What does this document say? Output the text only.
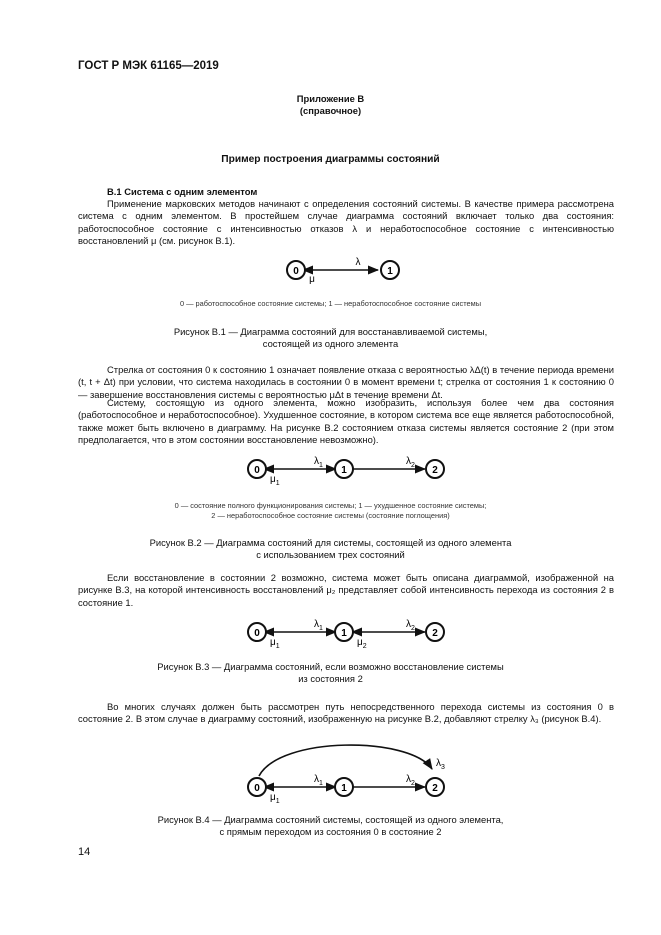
ГОСТ Р МЭК 61165—2019
Приложение В
(справочное)
Пример построения диаграммы состояний
В.1 Система с одним элементом

Применение марковских методов начинают с определения состояний системы. В качестве примера рассмотрена система с одним элементом. В простейшем случае диаграмма состояний включает только два состояния: работоспособное состояние с интенсивностью отказов λ и неработоспособное состояние с интенсивностью восстановлений μ (см. рисунок В.1).

0	1
λ
μ
0 — работоспособное состояние системы; 1 — неработоспособное состояние системы
Рисунок В.1 — Диаграмма состояний для восстанавливаемой системы,
состоящей из одного элемента

Стрелка от состояния 0 к состоянию 1 означает появление отказа с вероятностью λΔ(t) в течение периода времени (t, t + Δt) при условии, что система находилась в состоянии 0 в момент времени t; стрелка от состояния 1 к состоянию 0 — завершение восстановления системы с вероятностью μΔt в течение времени Δt.

Систему, состоящую из одного элемента, можно изобразить, используя более чем два состояния (работоспособное и неработоспособное). Ухудшенное состояние, в котором система все еще является работоспособной, также может быть включено в диаграмму. На рисунке В.2 состоянием отказа системы является состояние 2 (при этом предполагается, что в этом состоянии восстановление невозможно).

0	1	2
$\lambda_1$	$\lambda_2$
$\mu_1$
0 — состояние полного функционирования системы; 1 — ухудшенное состояние системы;
2 — неработоспособное состояние системы (состояние поглощения)
Рисунок В.2 — Диаграмма состояний для системы, состоящей из одного элемента
с использованием трех состояний

Если восстановление в состоянии 2 возможно, система может быть описана диаграммой, изображенной на рисунке В.3, на которой интенсивность восстановлений μ₂ представляет собой интенсивность перехода из состояния 2 в состояние 1.

0	1	2
$\lambda_1$	$\lambda_2$
$\mu_1$	$\mu_2$
Рисунок В.3 — Диаграмма состояний, если возможно восстановление системы
из состояния 2

Во многих случаях должен быть рассмотрен путь непосредственного перехода системы из состояния 0 в состояние 2. В этом случае в диаграмму состояний, изображенную на рисунке В.2, добавляют стрелку λ₃ (рисунок В.4).

0	1	2
$\lambda_1$	$\lambda_2$
$\lambda_3$
$\mu_1$
Рисунок В.4 — Диаграмма состояний системы, состоящей из одного элемента,
с прямым переходом из состояния 0 в состояние 2
14
